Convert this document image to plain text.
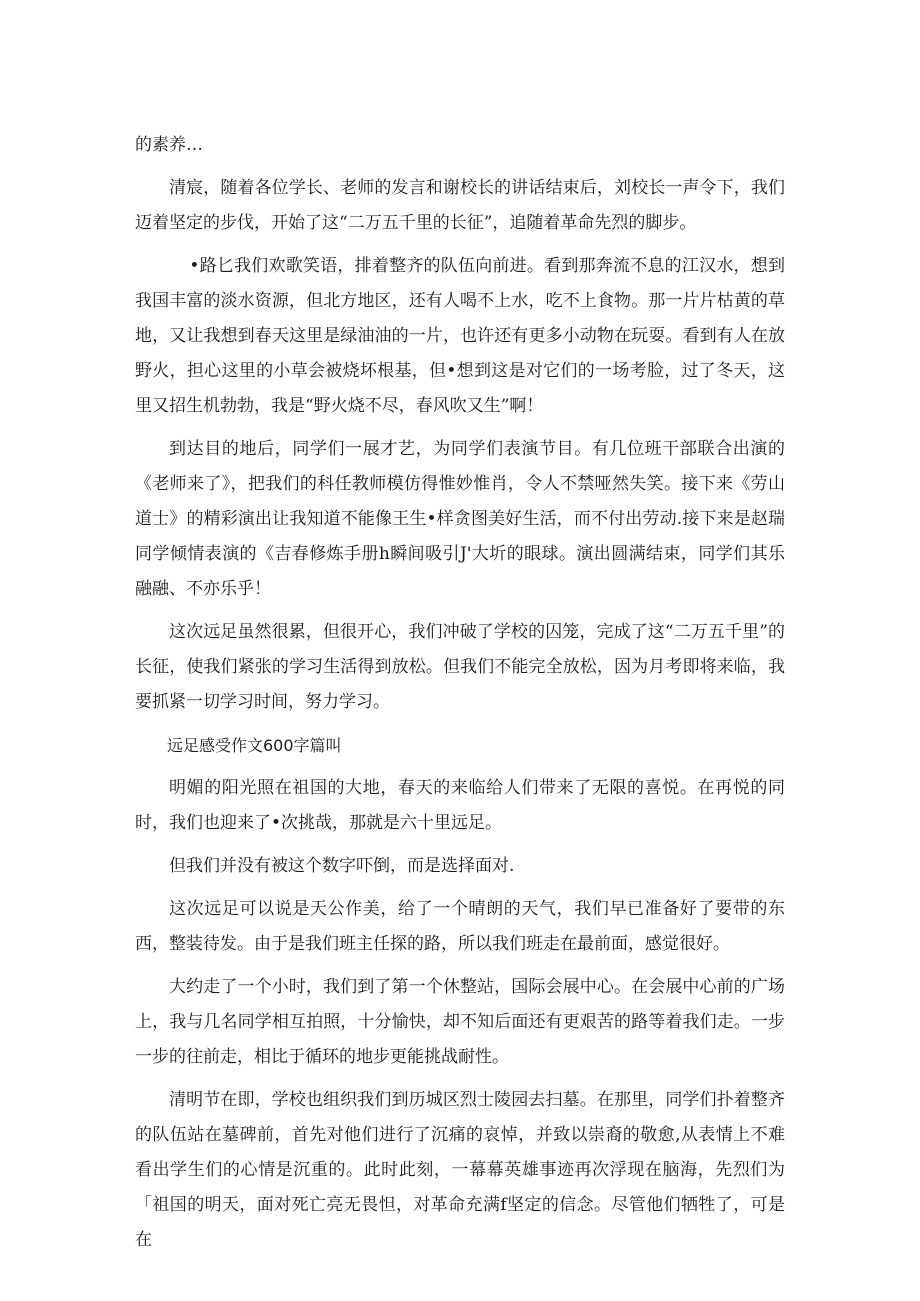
的素养…

清宸，随着各位学长、老师的发言和谢校长的讲话结束后，刘校长一声令下，我们迈着坚定的步伐，开始了这“二万五千里的长征”，追随着革命先烈的脚步。

•路匕我们欢歌笑语，排着整齐的队伍向前进。看到那奔流不息的江汉水，想到我国丰富的淡水资源，但北方地区，还有人喝不上水，吃不上食物。那一片片枯黄的草地，又让我想到春天这里是绿油油的一片，也许还有更多小动物在玩耍。看到有人在放野火，担心这里的小草会被烧坏根基，但•想到这是对它们的一场考脸，过了冬天，这里又招生机勃勃，我是“野火烧不尽，春风吹又生”啊！

到达目的地后，同学们一展才艺，为同学们表演节目。有几位班干部联合出演的《老师来了》，把我们的科任教师模仿得惟妙惟肖，令人不禁哑然失笑。接下来《劳山道士》的精彩演出让我知道不能像王生•样贪图美好生活，而不付出劳动.接下来是赵瑞同学倾情表演的《吉春修炼手册h瞬间吸引J'大圻的眼球。演出圆满结束，同学们其乐融融、不亦乐乎！

这次远足虽然很累，但很开心，我们冲破了学校的囚笼，完成了这“二万五千里”的长征，使我们紧张的学习生活得到放松。但我们不能完全放松，因为月考即将来临，我要抓紧一切学习时间，努力学习。

远足感受作文600字篇叫

明媚的阳光照在祖国的大地，春天的来临给人们带来了无限的喜悦。在再悦的同时，我们也迎来了•次挑哉，那就是六十里远足。

但我们并没有被这个数字吓倒，而是选择面对.

这次远足可以说是天公作美，给了一个晴朗的天气，我们早已准备好了要带的东西，整装待发。由于是我们班主任探的路，所以我们班走在最前面，感觉很好。

大约走了一个小时，我们到了第一个休整站，国际会展中心。在会展中心前的广场上，我与几名同学相互拍照，十分愉快，却不知后面还有更艰苦的路等着我们走。一步一步的往前走，相比于循环的地步更能挑战耐性。

清明节在即，学校也组织我们到历城区烈士陵园去扫墓。在那里，同学们扑着整齐的队伍站在墓碑前，首先对他们进行了沉痛的哀悼，并致以崇裔的敬愈,从表情上不难看出学生们的心情是沉重的。此时此刻，一幕幕英雄事迹再次浮现在脑海，先烈们为「祖国的明天，面对死亡亮无畏怛，对革命充满f坚定的信念。尽管他们牺牲了，可是在
